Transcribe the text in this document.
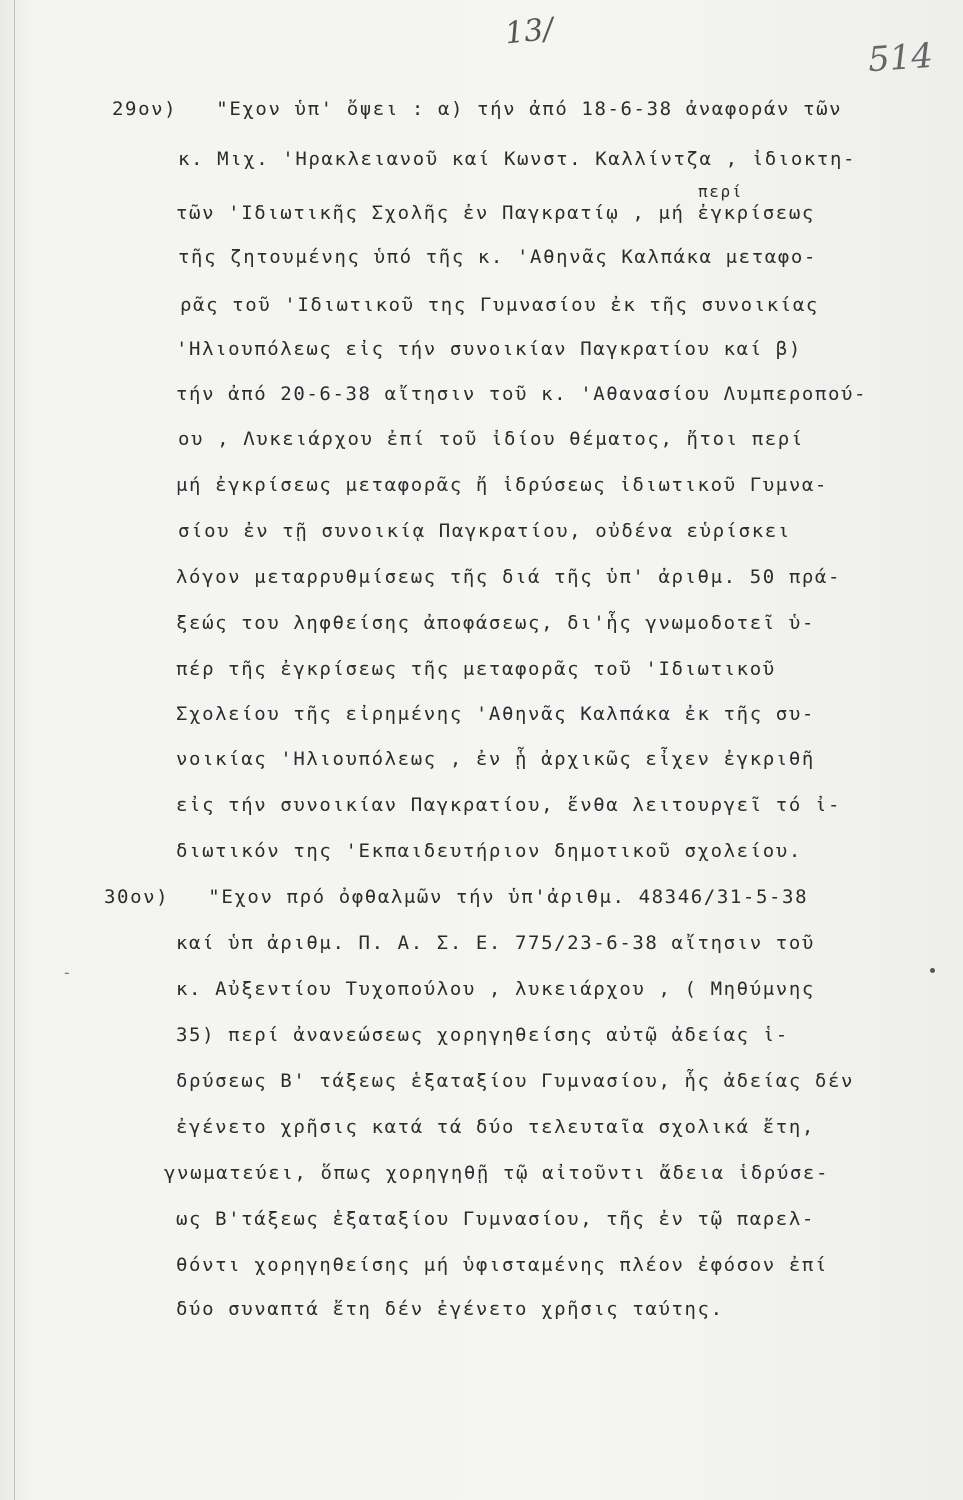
13/
514
29ον)   "Εχον ὑπ' ὄψει : α) τήν ἀπό 18-6-38 ἀναφοράν τῶν
κ. Μιχ. 'Ηρακλειανοῦ καί Κωνστ. Καλλίντζα , ἰδιοκτη-
περί
τῶν 'Ιδιωτικῆς Σχολῆς ἐν Παγκρατίῳ , μή ἐγκρίσεως
τῆς ζητουμένης ὑπό τῆς κ. 'Αθηνᾶς Καλπάκα μεταφο-
ρᾶς τοῦ 'Ιδιωτικοῦ της Γυμνασίου ἐκ τῆς συνοικίας
'Ηλιουπόλεως εἰς τήν συνοικίαν Παγκρατίου καί β)
τήν ἀπό 20-6-38 αἴτησιν τοῦ κ. 'Αθανασίου Λυμπεροπού-
ου , Λυκειάρχου ἐπί τοῦ ἰδίου θέματος, ἤτοι περί
μή ἐγκρίσεως μεταφορᾶς ἤ ἱδρύσεως ἰδιωτικοῦ Γυμνα-
σίου ἐν τῇ συνοικίᾳ Παγκρατίου, οὐδένα εὑρίσκει
λόγον μεταρρυθμίσεως τῆς διά τῆς ὑπ' ἀριθμ. 50 πρά-
ξεώς του ληφθείσης ἀποφάσεως, δι'ἧς γνωμοδοτεῖ ὑ-
πέρ τῆς ἐγκρίσεως τῆς μεταφορᾶς τοῦ 'Ιδιωτικοῦ
Σχολείου τῆς εἰρημένης 'Αθηνᾶς Καλπάκα ἐκ τῆς συ-
νοικίας 'Ηλιουπόλεως , ἐν ᾗ ἀρχικῶς εἶχεν ἐγκριθῆ
εἰς τήν συνοικίαν Παγκρατίου, ἔνθα λειτουργεῖ τό ἰ-
διωτικόν της 'Εκπαιδευτήριον δημοτικοῦ σχολείου.
30ον)   "Εχον πρό ὀφθαλμῶν τήν ὑπ'ἀριθμ. 48346/31-5-38
καί ὑπ ἀριθμ. Π. Α. Σ. Ε. 775/23-6-38 αἴτησιν τοῦ
κ. Αὐξεντίου Τυχοπούλου , λυκειάρχου , ( Μηθύμνης
35) περί ἀνανεώσεως χορηγηθείσης αὐτῷ ἀδείας ἱ-
δρύσεως Β' τάξεως ἑξαταξίου Γυμνασίου, ἧς ἀδείας δέν
ἐγένετο χρῆσις κατά τά δύο τελευταῖα σχολικά ἔτη,
γνωματεύει, ὅπως χορηγηθῇ τῷ αἰτοῦντι ἄδεια ἱδρύσε-
ως Β'τάξεως ἑξαταξίου Γυμνασίου, τῆς ἐν τῷ παρελ-
θόντι χορηγηθείσης μή ὑφισταμένης πλέον ἐφόσον ἐπί
δύο συναπτά ἔτη δέν ἐγένετο χρῆσις ταύτης.
-
